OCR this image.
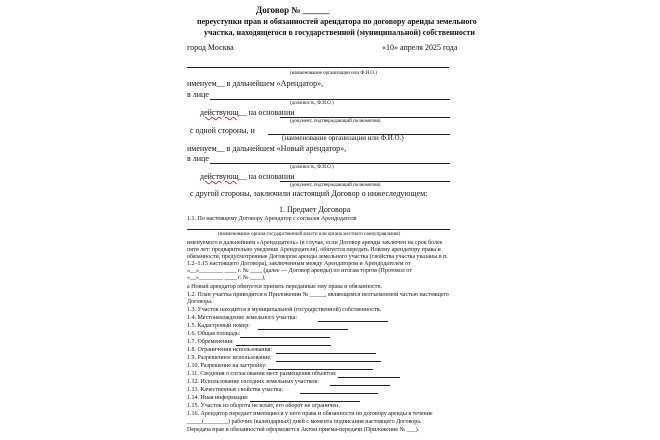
Договор № ______
переуступки прав и обязанностей арендатора по договору аренды земельного
участка, находящегося в государственной (муниципальной) собственности
город Москва	«10» апреля 2025 года
(наименование организации или Ф.И.О.)
именуем__ в дальнейшем «Арендатор»,
в лице
(должность, Ф.И.О.)
действующ__ на основании
(документ, подтверждающий полномочия)
с одной стороны, и
(наименование организации или Ф.И.О.)
именуем__ в дальнейшем «Новый арендатор»,
в лице
(должность, Ф.И.О.)
действующ__ на основании
(документ, подтверждающий полномочия)
с другой стороны, заключили настоящий Договор о нижеследующем:
1. Предмет Договора
1.1. По настоящему Договору Арендатор с согласия Арендодателя
(наименование органа государственной власти или органа местного самоуправления)
именуемого в дальнейшем «Арендодатель» (в случае, если Договор аренды заключен на срок более
пяти лет: предварительно уведомив Арендодателя), обязуется передать Новому арендатору права и
обязанности, предусмотренные Договором аренды земельного участка (свойства участка указаны в п.
1.2–1.15 настоящего Договора), заключенным между Арендатором и Арендодателем от
«__»________ ____ г. № ____ (далее — Договор аренды) по итогам торгов (Протокол от
«__»________ ____ г. № ____),
а Новый арендатор обязуется принять переданные ему права и обязанности.
1.2. План участка приводится в Приложении № _____, являющемся неотъемлемой частью настоящего
Договора.
1.3. Участок находится в муниципальной (государственной) собственности.
1.4. Местонахождение земельного участка:
1.5. Кадастровый номер:
1.6. Общая площадь:
1.7. Обременения:
1.8. Ограничения использования:
1.9. Разрешенное использование:
1.10. Разрешение на застройку:
1.11. Сведения о согласовании мест размещения объектов:
1.12. Использование соседних земельных участков:
1.13. Качественные свойства участка:
1.14. Иная информация:
1.15. Участок из оборота не изъят, его оборот не ограничен.
1.16. Арендатор передает имеющиеся у него права и обязанности по договору аренды в течение
_____(________) рабочих (календарных) дней с момента подписания настоящего Договора.
Передача прав и обязанностей оформляется Актом приема-передачи (Приложение № ___).
